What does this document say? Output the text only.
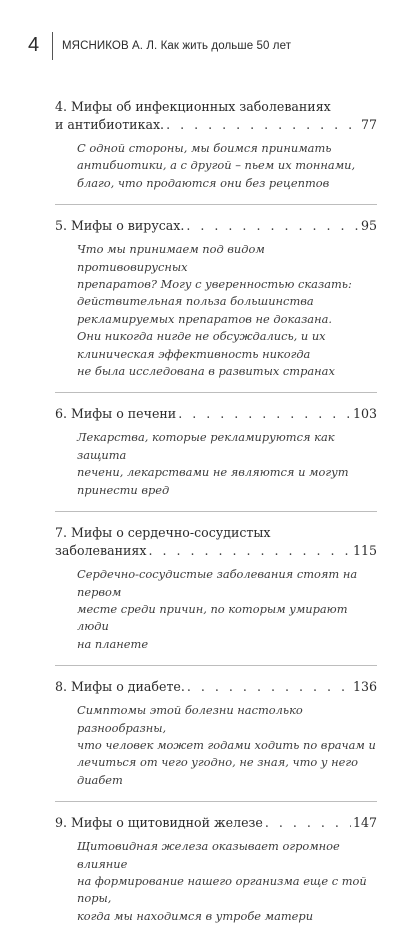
4 МЯСНИКОВ А. Л. Как жить дольше 50 лет
4. Мифы об инфекционных заболеваниях
и антибиотиках. . . .	77
С одной стороны, мы боимся принимать
антибиотики, а с другой – пьем их тоннами,
благо, что продаются они без рецептов
5. Мифы о вирусах. . . .	95
Что мы принимаем под видом противовирусных
препаратов? Могу с уверенностью сказать:
действительная польза большинства
рекламируемых препаратов не доказана.
Они никогда нигде не обсуждались, и их
клиническая эффективность никогда
не была исследована в развитых странах
6. Мифы о печени . . .	103
Лекарства, которые рекламируются как защита
печени, лекарствами не являются и могут
принести вред
7. Мифы о сердечно-сосудистых
заболеваниях . . .	115
Сердечно-сосудистые заболевания стоят на первом
месте среди причин, по которым умирают люди
на планете
8. Мифы о диабете. . . .	136
Симптомы этой болезни настолько разнообразны,
что человек может годами ходить по врачам и
лечиться от чего угодно, не зная, что у него диабет
9. Мифы о щитовидной железе . . .	147
Щитовидная железа оказывает огромное влияние
на формирование нашего организма еще с той поры,
когда мы находимся в утробе матери
